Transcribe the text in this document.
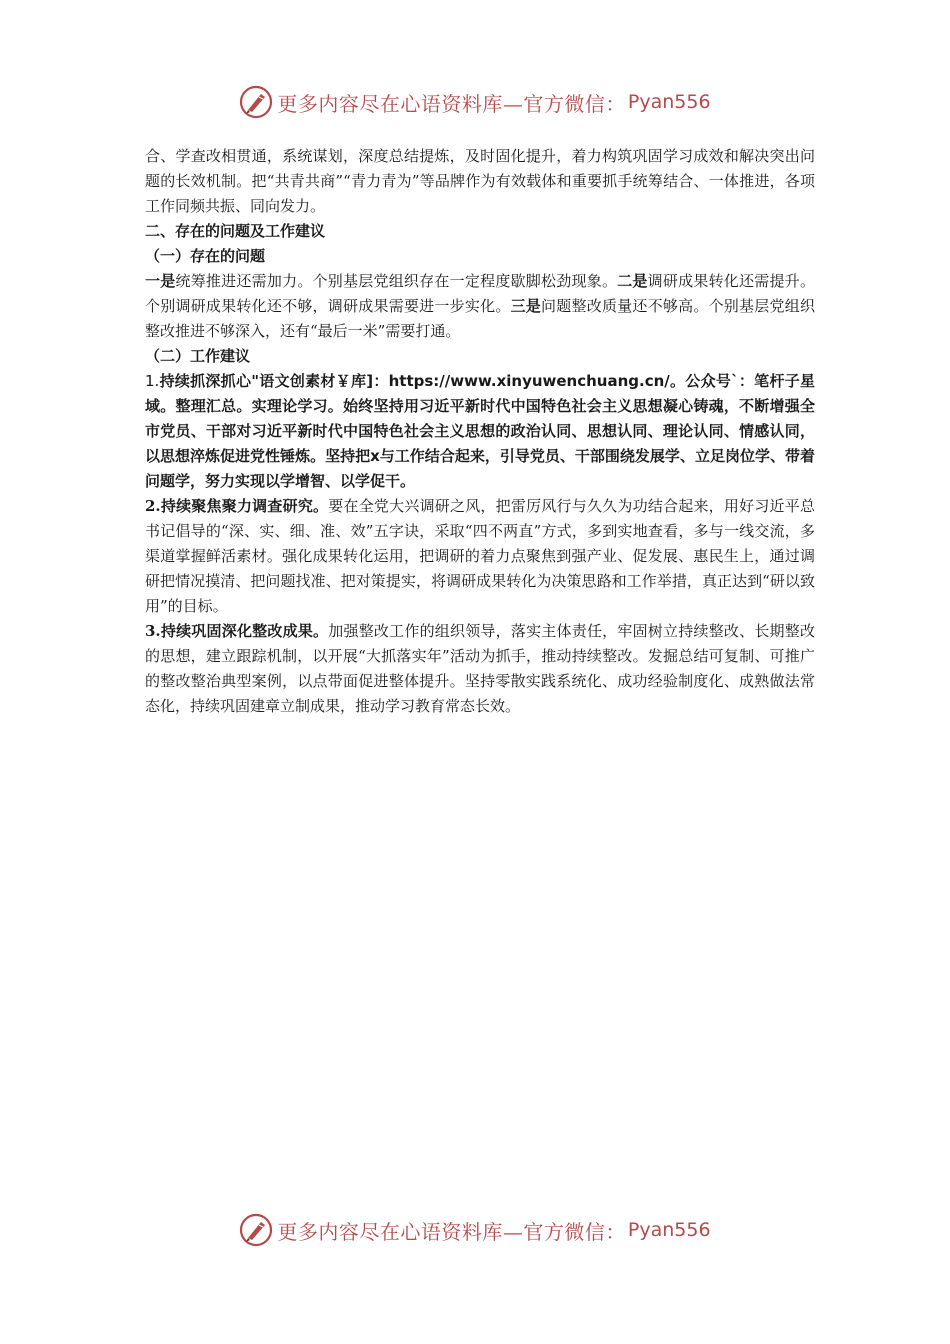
更多内容尽在心语资料库—官方微信： Pyan556

合、学查改相贯通，系统谋划，深度总结提炼，及时固化提升，着力构筑巩固学习成效和解决突出问题的长效机制。把“共青共商”“青力青为”等品牌作为有效载体和重要抓手统筹结合、一体推进，各项工作同频共振、同向发力。

二、存在的问题及工作建议

（一）存在的问题

一是统筹推进还需加力。个别基层党组织存在一定程度歇脚松劲现象。二是调研成果转化还需提升。个别调研成果转化还不够，调研成果需要进一步实化。三是问题整改质量还不够高。个别基层党组织整改推进不够深入，还有“最后一米”需要打通。

（二）工作建议

1.持续抓深抓心"语文创素材￥库]：https://www.xinyuwenchuang.cn/。公众号`：笔杆子星域。整理汇总。实理论学习。始终坚持用习近平新时代中国特色社会主义思想凝心铸魂，不断增强全市党员、干部对习近平新时代中国特色社会主义思想的政治认同、思想认同、理论认同、情感认同，以思想淬炼促进党性锤炼。坚持把x与工作结合起来，引导党员、干部围绕发展学、立足岗位学、带着问题学，努力实现以学增智、以学促干。

2.持续聚焦聚力调查研究。要在全党大兴调研之风，把雷厉风行与久久为功结合起来，用好习近平总书记倡导的“深、实、细、准、效”五字诀，采取“四不两直”方式，多到实地查看，多与一线交流，多渠道掌握鲜活素材。强化成果转化运用，把调研的着力点聚焦到强产业、促发展、惠民生上，通过调研把情况摸清、把问题找准、把对策提实，将调研成果转化为决策思路和工作举措，真正达到“研以致用”的目标。

3.持续巩固深化整改成果。加强整改工作的组织领导，落实主体责任，牢固树立持续整改、长期整改的思想，建立跟踪机制，以开展“大抓落实年”活动为抓手，推动持续整改。发掘总结可复制、可推广的整改整治典型案例，以点带面促进整体提升。坚持零散实践系统化、成功经验制度化、成熟做法常态化，持续巩固建章立制成果，推动学习教育常态长效。

更多内容尽在心语资料库—官方微信： Pyan556
